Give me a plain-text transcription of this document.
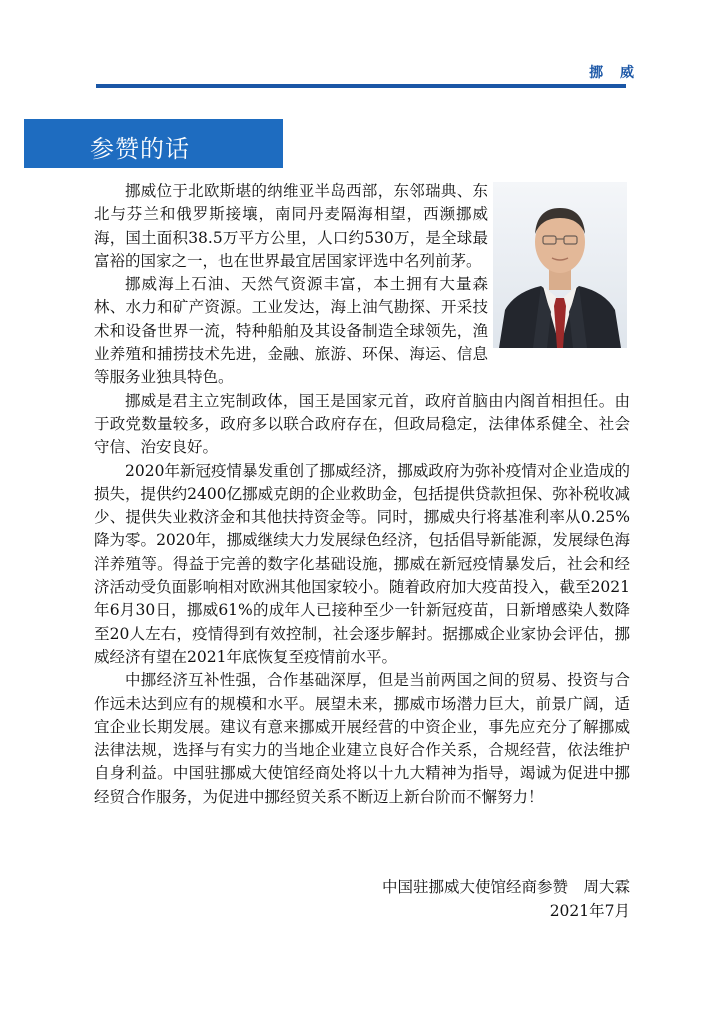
挪 威
参赞的话

挪威位于北欧斯堪的纳维亚半岛西部，东邻瑞典、东北与芬兰和俄罗斯接壤，南同丹麦隔海相望，西濒挪威海，国土面积38.5万平方公里，人口约530万，是全球最富裕的国家之一，也在世界最宜居国家评选中名列前茅。

挪威海上石油、天然气资源丰富，本土拥有大量森林、水力和矿产资源。工业发达，海上油气勘探、开采技术和设备世界一流，特种船舶及其设备制造全球领先，渔业养殖和捕捞技术先进，金融、旅游、环保、海运、信息等服务业独具特色。

挪威是君主立宪制政体，国王是国家元首，政府首脑由内阁首相担任。由于政党数量较多，政府多以联合政府存在，但政局稳定，法律体系健全、社会守信、治安良好。

2020年新冠疫情暴发重创了挪威经济，挪威政府为弥补疫情对企业造成的损失，提供约2400亿挪威克朗的企业救助金，包括提供贷款担保、弥补税收减少、提供失业救济金和其他扶持资金等。同时，挪威央行将基准利率从0.25%降为零。2020年，挪威继续大力发展绿色经济，包括倡导新能源，发展绿色海洋养殖等。得益于完善的数字化基础设施，挪威在新冠疫情暴发后，社会和经济活动受负面影响相对欧洲其他国家较小。随着政府加大疫苗投入，截至2021年6月30日，挪威61%的成年人已接种至少一针新冠疫苗，日新增感染人数降至20人左右，疫情得到有效控制，社会逐步解封。据挪威企业家协会评估，挪威经济有望在2021年底恢复至疫情前水平。

中挪经济互补性强，合作基础深厚，但是当前两国之间的贸易、投资与合作远未达到应有的规模和水平。展望未来，挪威市场潜力巨大，前景广阔，适宜企业长期发展。建议有意来挪威开展经营的中资企业，事先应充分了解挪威法律法规，选择与有实力的当地企业建立良好合作关系，合规经营，依法维护自身利益。中国驻挪威大使馆经商处将以十九大精神为指导，竭诚为促进中挪经贸合作服务，为促进中挪经贸关系不断迈上新台阶而不懈努力！

中国驻挪威大使馆经商参赞　周大霖
2021年7月
